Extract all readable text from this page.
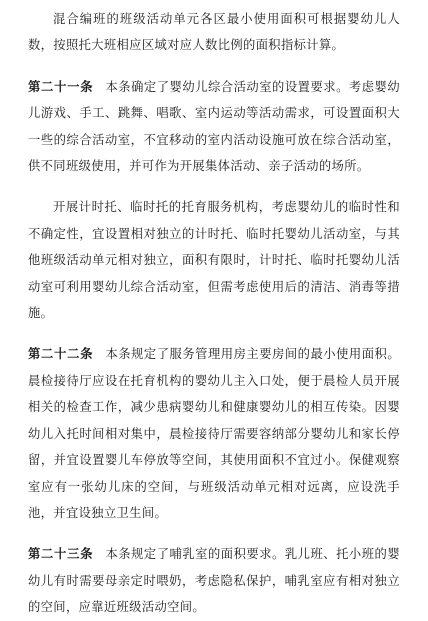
混合编班的班级活动单元各区最小使用面积可根据婴幼儿人数，按照托大班相应区域对应人数比例的面积指标计算。

第二十一条 本条确定了婴幼儿综合活动室的设置要求。考虑婴幼儿游戏、手工、跳舞、唱歌、室内运动等活动需求，可设置面积大一些的综合活动室，不宜移动的室内活动设施可放在综合活动室，供不同班级使用，并可作为开展集体活动、亲子活动的场所。

开展计时托、临时托的托育服务机构，考虑婴幼儿的临时性和不确定性，宜设置相对独立的计时托、临时托婴幼儿活动室，与其他班级活动单元相对独立，面积有限时，计时托、临时托婴幼儿活动室可利用婴幼儿综合活动室，但需考虑使用后的清洁、消毒等措施。

第二十二条 本条规定了服务管理用房主要房间的最小使用面积。晨检接待厅应设在托育机构的婴幼儿主入口处，便于晨检人员开展相关的检查工作，减少患病婴幼儿和健康婴幼儿的相互传染。因婴幼儿入托时间相对集中，晨检接待厅需要容纳部分婴幼儿和家长停留，并宜设置婴儿车停放等空间，其使用面积不宜过小。保健观察室应有一张幼儿床的空间，与班级活动单元相对远离，应设洗手池，并宜设独立卫生间。

第二十三条 本条规定了哺乳室的面积要求。乳儿班、托小班的婴幼儿有时需要母亲定时喂奶，考虑隐私保护，哺乳室应有相对独立的空间，应靠近班级活动空间。
